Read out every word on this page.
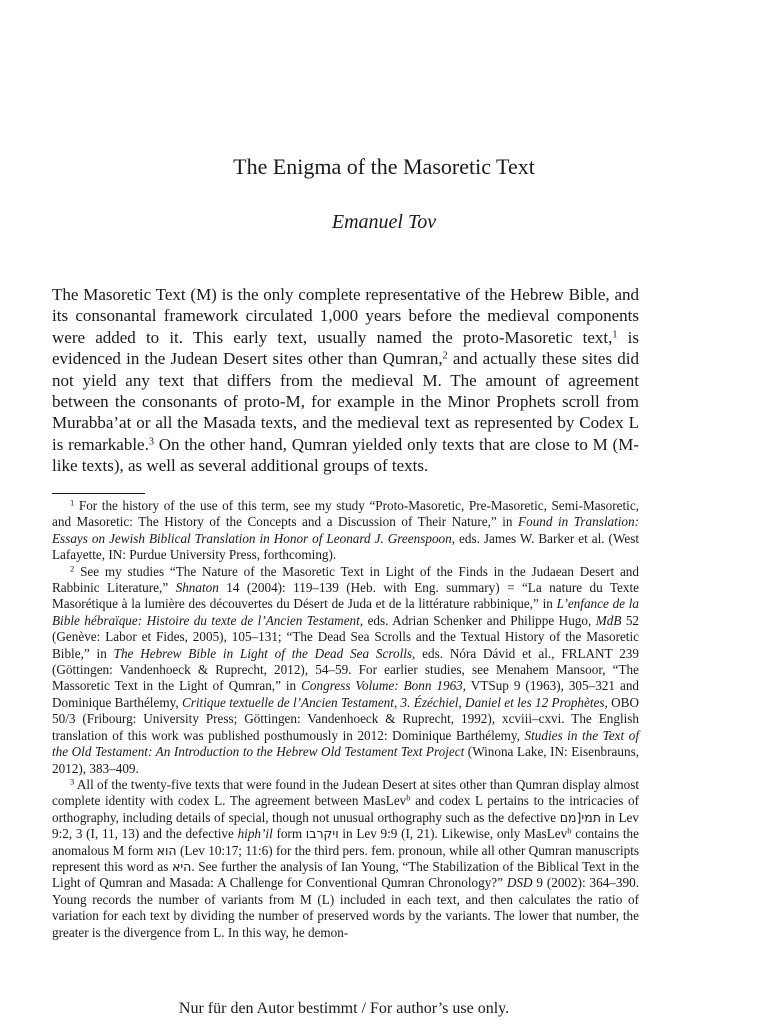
The Enigma of the Masoretic Text
Emanuel Tov

The Masoretic Text (M) is the only complete representative of the Hebrew Bible, and its consonantal framework circulated 1,000 years before the medieval components were added to it. This early text, usually named the proto-Masoretic text,$^1$ is evidenced in the Judean Desert sites other than Qumran,$^2$ and actually these sites did not yield any text that differs from the medieval M. The amount of agreement between the consonants of proto-M, for example in the Minor Prophets scroll from Murabba’at or all the Masada texts, and the medieval text as represented by Codex L is remarkable.$^3$ On the other hand, Qumran yielded only texts that are close to M (M-like texts), as well as several additional groups of texts.

$^1$ For the history of the use of this term, see my study “Proto-Masoretic, Pre-Masoretic, Semi-Masoretic, and Masoretic: The History of the Concepts and a Discussion of Their Nature,” in Found in Translation: Essays on Jewish Biblical Translation in Honor of Leonard J. Greenspoon, eds. James W. Barker et al. (West Lafayette, IN: Purdue University Press, forthcoming).

$^2$ See my studies “The Nature of the Masoretic Text in Light of the Finds in the Judaean Desert and Rabbinic Literature,” Shnaton 14 (2004): 119–139 (Heb. with Eng. summary) = “La nature du Texte Masorétique à la lumière des découvertes du Désert de Juda et de la littérature rabbinique,” in L’enfance de la Bible hébraïque: Histoire du texte de l’Ancien Testament, eds. Adrian Schenker and Philippe Hugo, MdB 52 (Genève: Labor et Fides, 2005), 105–131; “The Dead Sea Scrolls and the Textual History of the Masoretic Bible,” in The Hebrew Bible in Light of the Dead Sea Scrolls, eds. Nóra Dávid et al., FRLANT 239 (Göttingen: Vandenhoeck & Ruprecht, 2012), 54–59. For earlier studies, see Menahem Mansoor, “The Massoretic Text in the Light of Qumran,” in Congress Volume: Bonn 1963, VTSup 9 (1963), 305–321 and Dominique Barthélemy, Critique textuelle de l’Ancien Testament, 3. Ézéchiel, Daniel et les 12 Prophètes, OBO 50/3 (Fribourg: University Press; Göttingen: Vandenhoeck & Ruprecht, 1992), xcviii–cxvi. The English translation of this work was published posthumously in 2012: Dominique Barthélemy, Studies in the Text of the Old Testament: An Introduction to the Hebrew Old Testament Text Project (Winona Lake, IN: Eisenbrauns, 2012), 383–409.

$^3$ All of the twenty-five texts that were found in the Judean Desert at sites other than Qumran display almost complete identity with codex L. The agreement between MasLev$^b$ and codex L pertains to the intricacies of orthography, including details of special, though not unusual orthography such as the defective תמי[מם in Lev 9:2, 3 (I, 11, 13) and the defective hiph’il form ויקרבו in Lev 9:9 (I, 21). Likewise, only MasLev$^b$ contains the anomalous M form הוא (Lev 10:17; 11:6) for the third pers. fem. pronoun, while all other Qumran manuscripts represent this word as היא. See further the analysis of Ian Young, “The Stabilization of the Biblical Text in the Light of Qumran and Masada: A Challenge for Conventional Qumran Chronology?” DSD 9 (2002): 364–390. Young records the number of variants from M (L) included in each text, and then calculates the ratio of variation for each text by dividing the number of preserved words by the variants. The lower that number, the greater is the divergence from L. In this way, he demon-

Nur für den Autor bestimmt / For author’s use only.
